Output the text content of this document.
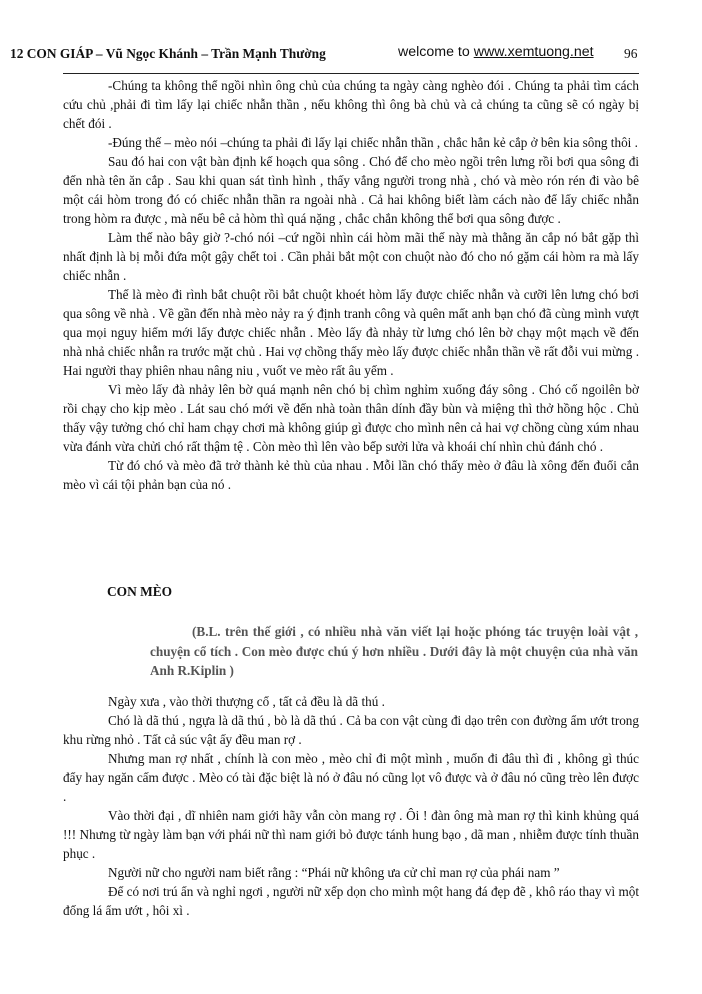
12 CON GIÁP – Vũ Ngọc Khánh – Trần Mạnh Thường	welcome to www.xemtuong.net 96

-Chúng ta không thể ngồi nhìn ông chủ của chúng ta ngày càng nghèo đói . Chúng ta phải tìm cách cứu chủ ,phải đi tìm lấy lại chiếc nhẫn thần , nếu không thì ông bà chủ và cả chúng ta cũng sẽ có ngày bị chết đói .

-Đúng thế – mèo nói –chúng ta phải đi lấy lại chiếc nhẫn thần , chắc hẳn kẻ cắp ở bên kia sông thôi .

Sau đó hai con vật bàn định kế hoạch qua sông . Chó để cho mèo ngồi trên lưng rồi bơi qua sông đi đến nhà tên ăn cắp . Sau khi quan sát tình hình , thấy vắng người trong nhà , chó và mèo rón rén đi vào bê một cái hòm trong đó có chiếc nhẫn thần ra ngoài nhà . Cả hai không biết làm cách nào để lấy chiếc nhẫn trong hòm ra được , mà nếu bê cả hòm thì quá nặng , chắc chắn không thể bơi qua sông được .

Làm thế nào bây giờ ?-chó nói –cứ ngồi nhìn cái hòm mãi thế này mà thằng ăn cắp nó bắt gặp thì nhất định là bị mỗi đứa một gậy chết toi . Cần phải bắt một con chuột nào đó cho nó gặm cái hòm ra mà lấy chiếc nhẫn .

Thế là mèo đi rình bắt chuột rồi bắt chuột khoét hòm lấy được chiếc nhẫn và cưỡi lên lưng chó bơi qua sông về nhà . Về gần đến nhà mèo nảy ra ý định tranh công và quên mất anh bạn chó đã cùng mình vượt qua mọi nguy hiểm mới lấy được chiếc nhẫn . Mèo lấy đà nhảy từ lưng chó lên bờ chạy một mạch về đến nhà nhả chiếc nhẫn ra trước mặt chủ . Hai vợ chồng thấy mèo lấy được chiếc nhẫn thần về rất đỗi vui mừng . Hai người thay phiên nhau nâng niu , vuốt ve mèo rất âu yếm .

Vì mèo lấy đà nhảy lên bờ quá mạnh nên chó bị chìm nghỉm xuống đáy sông . Chó cố ngoilên bờ rồi chạy cho kịp mèo . Lát sau chó mới về đến nhà toàn thân dính đầy bùn và miệng thì thở hồng hộc . Chủ thấy vậy tưởng chó chỉ ham chạy chơi mà không giúp gì được cho mình nên cả hai vợ chồng cùng xúm nhau vừa đánh vừa chửi chó rất thậm tệ . Còn mèo thì lên vào bếp sưởi lửa và khoái chí nhìn chủ đánh chó .

Từ đó chó và mèo đã trở thành kẻ thù của nhau . Mỗi lần chó thấy mèo ở đâu là xông đến đuổi cắn mèo vì cái tội phản bạn của nó .

CON MÈO
(B.L. trên thế giới , có nhiều nhà văn viết lại hoặc phóng tác truyện loài vật , chuyện cổ tích . Con mèo được chú ý hơn nhiều . Dưới đây là một chuyện của nhà văn Anh R.Kiplin )

Ngày xưa , vào thời thượng cổ , tất cả đều là dã thú .

Chó là dã thú , ngựa là dã thú , bò là dã thú . Cả ba con vật cùng đi dạo trên con đường ẩm ướt trong khu rừng nhỏ . Tất cả súc vật ấy đều man rợ .

Nhưng man rợ nhất , chính là con mèo , mèo chỉ đi một mình , muốn đi đâu thì đi , không gì thúc đẩy hay ngăn cấm được . Mèo có tài đặc biệt là nó ở đâu nó cũng lọt vô được và ở đâu nó cũng trèo lên được .

Vào thời đại , dĩ nhiên nam giới hãy vẫn còn mang rợ . Ôi ! đàn ông mà man rợ thì kinh khủng quá !!! Nhưng từ ngày làm bạn với phái nữ thì nam giới bỏ được tánh hung bạo , dã man , nhiễm được tính thuần phục .

Người nữ cho người nam biết rằng : “Phái nữ không ưa cử chỉ man rợ của phái nam ”

Để có nơi trú ẩn và nghỉ ngơi , người nữ xếp dọn cho mình một hang đá đẹp đẽ , khô ráo thay vì một đống lá ẩm ướt , hôi xì .
